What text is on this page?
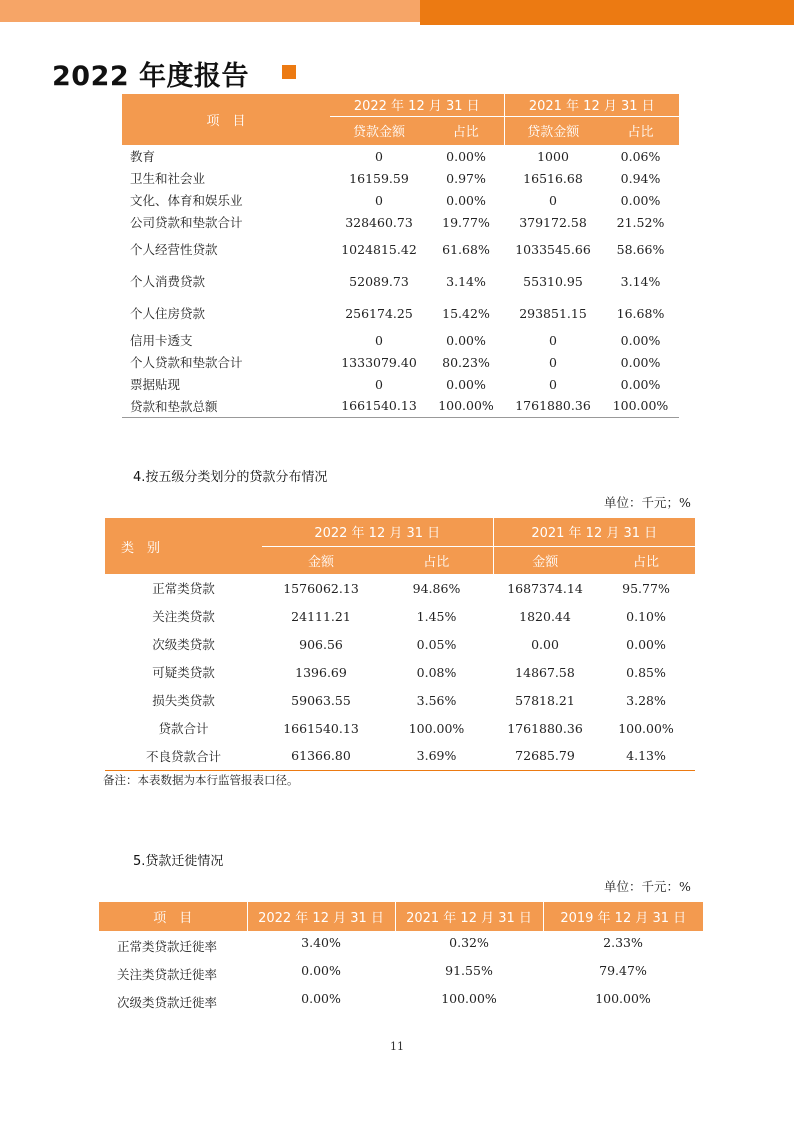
2022 年度报告
项　目	2022 年 12 月 31 日		2021 年 12 月 31 日	
	贷款金额	占比	贷款金额	占比
教育	0	0.00%	1000	0.06%
卫生和社会业	16159.59	0.97%	16516.68	0.94%
文化、体育和娱乐业	0	0.00%	0	0.00%
公司贷款和垫款合计	328460.73	19.77%	379172.58	21.52%
个人经营性贷款	1024815.42	61.68%	1033545.66	58.66%
个人消费贷款	52089.73	3.14%	55310.95	3.14%
个人住房贷款	256174.25	15.42%	293851.15	16.68%
信用卡透支	0	0.00%	0	0.00%
个人贷款和垫款合计	1333079.40	80.23%	0	0.00%
票据贴现	0	0.00%	0	0.00%
贷款和垫款总额	1661540.13	100.00%	1761880.36	100.00%
4.按五级分类划分的贷款分布情况
单位：千元；%
类　别	2022 年 12 月 31 日		2021 年 12 月 31 日	
	金额	占比	金额	占比
正常类贷款	1576062.13	94.86%	1687374.14	95.77%
关注类贷款	24111.21	1.45%	1820.44	0.10%
次级类贷款	906.56	0.05%	0.00	0.00%
可疑类贷款	1396.69	0.08%	14867.58	0.85%
损失类贷款	59063.55	3.56%	57818.21	3.28%
贷款合计	1661540.13	100.00%	1761880.36	100.00%
不良贷款合计	61366.80	3.69%	72685.79	4.13%
备注：本表数据为本行监管报表口径。
5.贷款迁徙情况
单位：千元：%
项　目	2022 年 12 月 31 日	2021 年 12 月 31 日	2019 年 12 月 31 日
正常类贷款迁徙率	3.40%	0.32%	2.33%
关注类贷款迁徙率	0.00%	91.55%	79.47%
次级类贷款迁徙率	0.00%	100.00%	100.00%
11
